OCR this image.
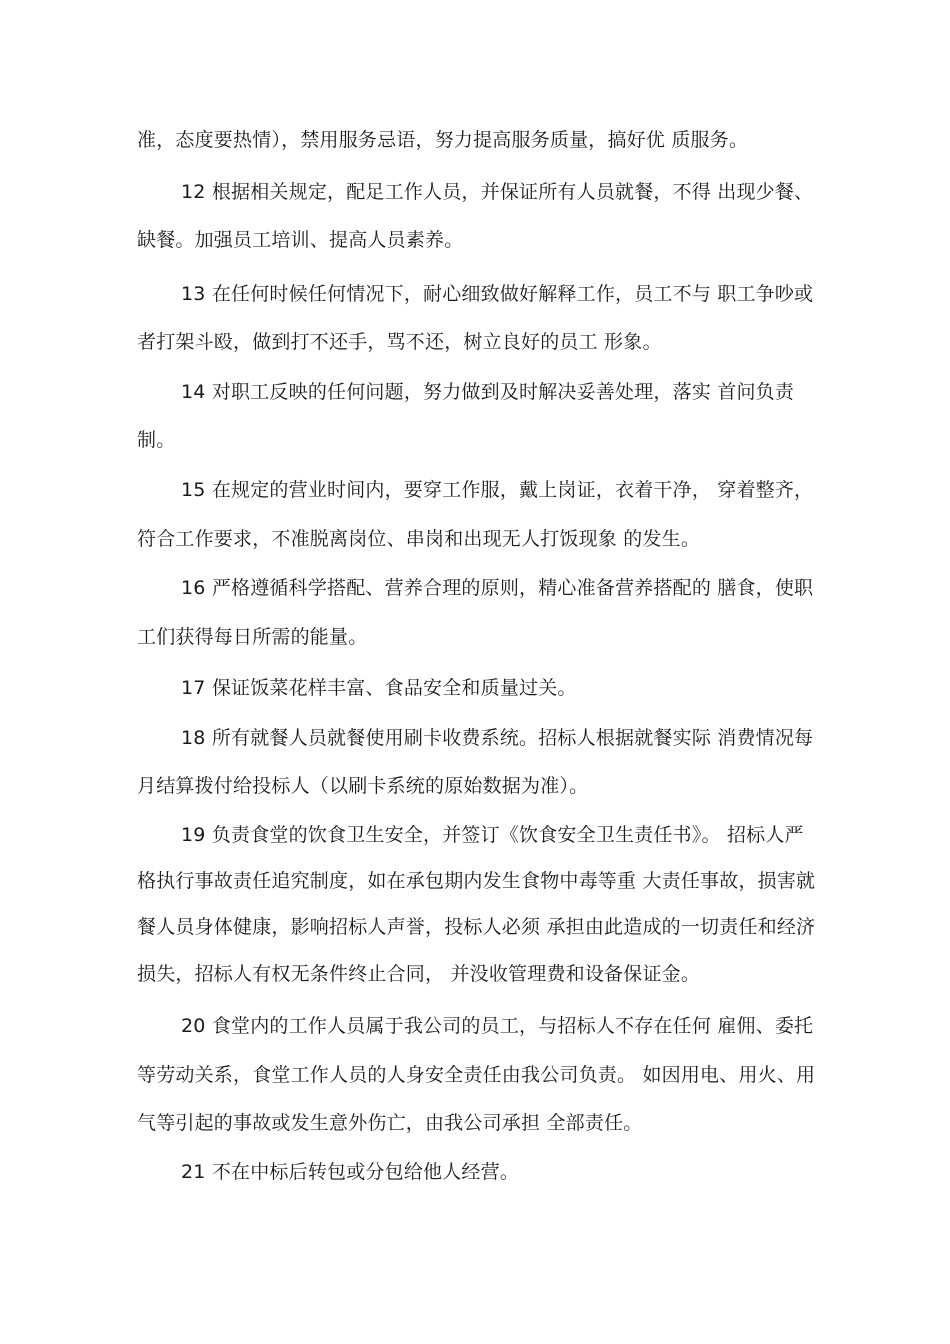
准，态度要热情），禁用服务忌语，努力提高服务质量，搞好优 质服务。
12 根据相关规定，配足工作人员，并保证所有人员就餐，不得 出现少餐、
缺餐。加强员工培训、提高人员素养。
13 在任何时候任何情况下，耐心细致做好解释工作，员工不与 职工争吵或
者打架斗殴，做到打不还手，骂不还，树立良好的员工 形象。
14 对职工反映的任何问题，努力做到及时解决妥善处理，落实 首问负责
制。
15 在规定的营业时间内，要穿工作服，戴上岗证，衣着干净， 穿着整齐，
符合工作要求，不准脱离岗位、串岗和出现无人打饭现象 的发生。
16 严格遵循科学搭配、营养合理的原则，精心准备营养搭配的 膳食，使职
工们获得每日所需的能量。
17 保证饭菜花样丰富、食品安全和质量过关。
18 所有就餐人员就餐使用刷卡收费系统。招标人根据就餐实际 消费情况每
月结算拨付给投标人（以刷卡系统的原始数据为准）。
19 负责食堂的饮食卫生安全，并签订《饮食安全卫生责任书》。 招标人严
格执行事故责任追究制度，如在承包期内发生食物中毒等重 大责任事故，损害就
餐人员身体健康，影响招标人声誉，投标人必须 承担由此造成的一切责任和经济
损失，招标人有权无条件终止合同， 并没收管理费和设备保证金。
20 食堂内的工作人员属于我公司的员工，与招标人不存在任何 雇佣、委托
等劳动关系，食堂工作人员的人身安全责任由我公司负责。 如因用电、用火、用
气等引起的事故或发生意外伤亡，由我公司承担 全部责任。
21 不在中标后转包或分包给他人经营。
